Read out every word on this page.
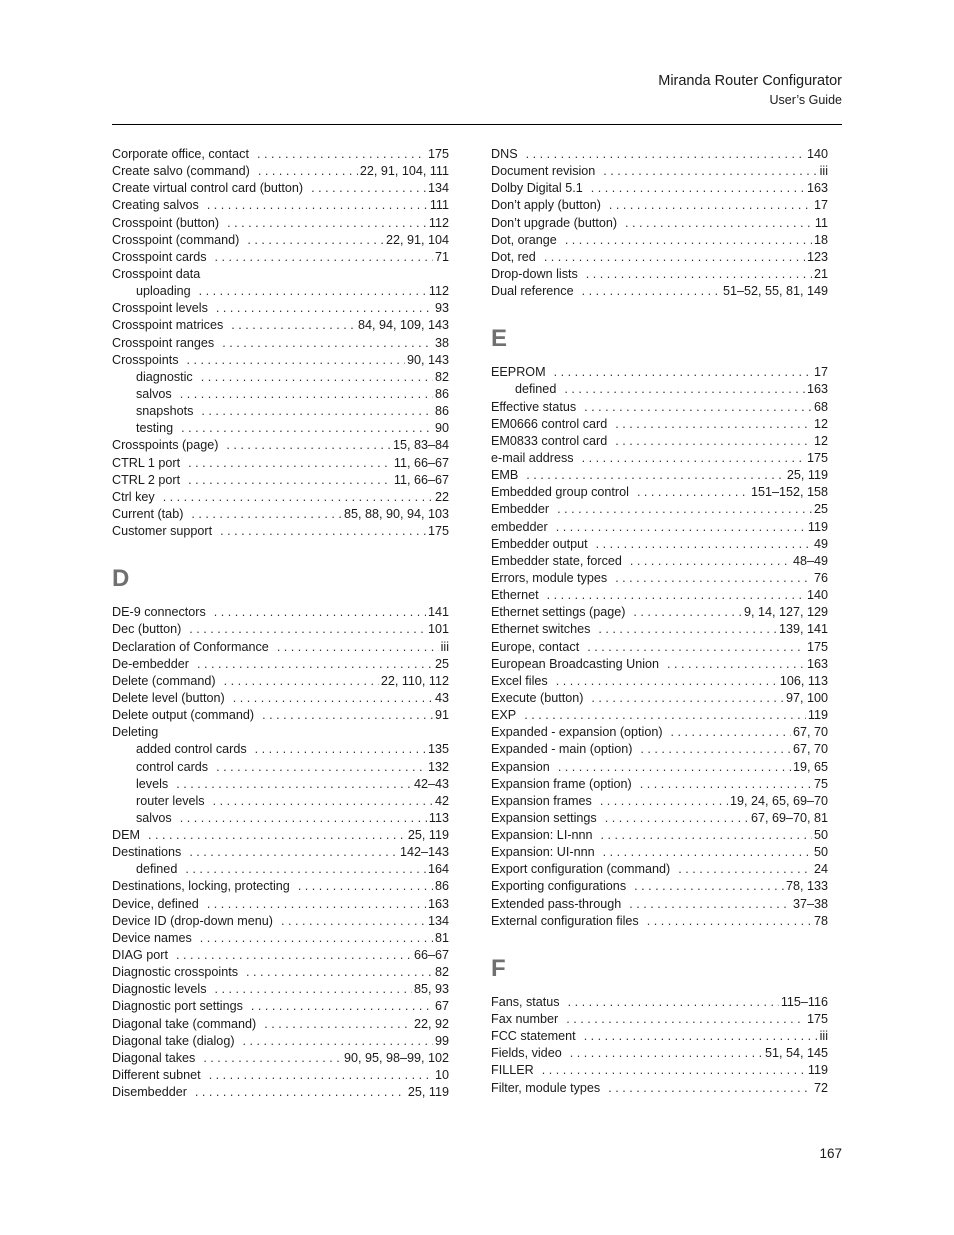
Miranda Router Configurator
User’s Guide
Corporate office, contact . . .	175
Create salvo (command) . . .	22, 91, 104, 111
Create virtual control card (button) . . .	134
Creating salvos . . .	111
Crosspoint (button) . . .	112
Crosspoint (command) . . .	22, 91, 104
Crosspoint cards . . .	71
Crosspoint data
uploading . . .	112
Crosspoint levels . . .	93
Crosspoint matrices . . .	84, 94, 109, 143
Crosspoint ranges . . .	38
Crosspoints . . .	90, 143
diagnostic . . .	82
salvos . . .	86
snapshots . . .	86
testing . . .	90
Crosspoints (page) . . .	15, 83–84
CTRL 1 port . . .	11, 66–67
CTRL 2 port . . .	11, 66–67
Ctrl key . . .	22
Current (tab) . . .	85, 88, 90, 94, 103
Customer support . . .	175
D
DE-9 connectors . . .	141
Dec (button) . . .	101
Declaration of Conformance . . .	iii
De-embedder . . .	25
Delete (command) . . .	22, 110, 112
Delete level (button) . . .	43
Delete output (command) . . .	91
Deleting
added control cards . . .	135
control cards . . .	132
levels . . .	42–43
router levels . . .	42
salvos . . .	113
DEM . . .	25, 119
Destinations . . .	142–143
defined . . .	164
Destinations, locking, protecting . . .	86
Device, defined . . .	163
Device ID (drop-down menu) . . .	134
Device names . . .	81
DIAG port . . .	66–67
Diagnostic crosspoints . . .	82
Diagnostic levels . . .	85, 93
Diagnostic port settings . . .	67
Diagonal take (command) . . .	22, 92
Diagonal take (dialog) . . .	99
Diagonal takes . . .	90, 95, 98–99, 102
Different subnet . . .	10
Disembedder . . .	25, 119
DNS . . .	140
Document revision . . .	iii
Dolby Digital 5.1 . . .	163
Don’t apply (button) . . .	17
Don’t upgrade (button) . . .	11
Dot, orange . . .	18
Dot, red . . .	123
Drop-down lists . . .	21
Dual reference . . .	51–52, 55, 81, 149
E
EEPROM . . .	17
defined . . .	163
Effective status . . .	68
EM0666 control card . . .	12
EM0833 control card . . .	12
e-mail address . . .	175
EMB . . .	25, 119
Embedded group control . . .	151–152, 158
Embedder . . .	25
embedder . . .	119
Embedder output . . .	49
Embedder state, forced . . .	48–49
Errors, module types . . .	76
Ethernet . . .	140
Ethernet settings (page) . . .	9, 14, 127, 129
Ethernet switches . . .	139, 141
Europe, contact . . .	175
European Broadcasting Union . . .	163
Excel files . . .	106, 113
Execute (button) . . .	97, 100
EXP . . .	119
Expanded - expansion (option) . . .	67, 70
Expanded - main (option) . . .	67, 70
Expansion . . .	19, 65
Expansion frame (option) . . .	75
Expansion frames . . .	19, 24, 65, 69–70
Expansion settings . . .	67, 69–70, 81
Expansion: LI-nnn . . .	50
Expansion: UI-nnn . . .	50
Export configuration (command) . . .	24
Exporting configurations . . .	78, 133
Extended pass-through . . .	37–38
External configuration files . . .	78
F
Fans, status . . .	115–116
Fax number . . .	175
FCC statement . . .	iii
Fields, video . . .	51, 54, 145
FILLER . . .	119
Filter, module types . . .	72
167
